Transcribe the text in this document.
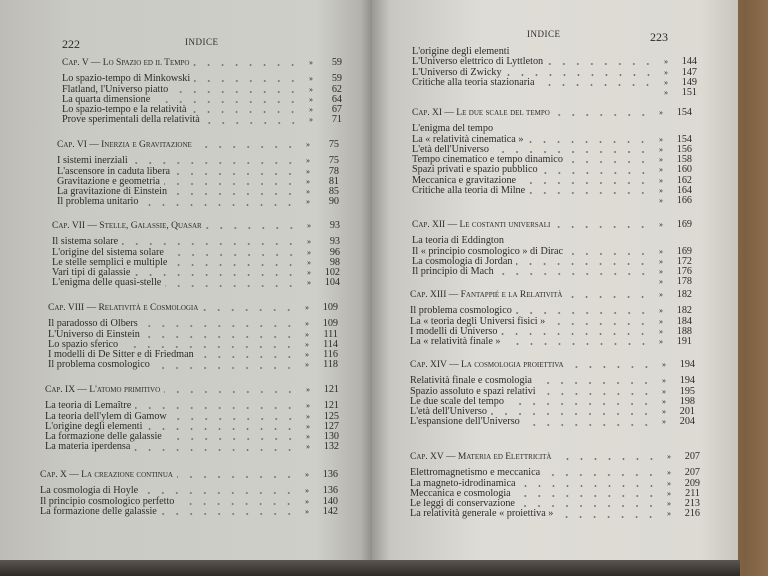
222	INDICE
Cap. V — Lo Spazio ed il Tempo	»	59
Lo spazio-tempo di Minkowski	»	59
Flatland, l'Universo piatto	»	62
La quarta dimensione	»	64
Lo spazio-tempo e la relatività	»	67
Prove sperimentali della relatività	»	71
Cap. VI — Inerzia e Gravitazione	»	75
I sistemi inerziali	»	75
L'ascensore in caduta libera	»	78
Gravitazione e geometria	»	81
La gravitazione di Einstein	»	85
Il problema unitario	»	90
Cap. VII — Stelle, Galassie, Quasar	»	93
Il sistema solare	»	93
L'origine del sistema solare	»	96
Le stelle semplici e multiple	»	98
Vari tipi di galassie	»	102
L'enigma delle quasi-stelle	»	104
Cap. VIII — Relatività e Cosmologia	»	109
Il paradosso di Olbers	»	109
L'Universo di Einstein	»	111
Lo spazio sferico	»	114
I modelli di De Sitter e di Friedman	»	116
Il problema cosmologico	»	118
Cap. IX — L'atomo primitivo	»	121
La teoria di Lemaître	»	121
La teoria dell'ylem di Gamow	»	125
L'origine degli elementi	»	127
La formazione delle galassie	»	130
La materia iperdensa	»	132
Cap. X — La creazione continua	»	136
La cosmologia di Hoyle	»	136
Il principio cosmologico perfetto	»	140
La formazione delle galassie	»	142
INDICE	223
L'origine degli elementi
L'Universo elettrico di Lyttleton	»	144
L'Universo di Zwicky	»	147
Critiche alla teoria stazionaria	»	149
»	151
Cap. XI — Le due scale del tempo	»	154
L'enigma del tempo
La « relatività cinematica »	»	154
L'età dell'Universo	»	156
Tempo cinematico e tempo dinamico	»	158
Spazi privati e spazio pubblico	»	160
Meccanica e gravitazione	»	162
Critiche alla teoria di Milne	»	164
»	166
Cap. XII — Le costanti universali	»	169
La teoria di Eddington
Il « principio cosmologico » di Dirac	»	169
La cosmologia di Jordan	»	172
Il principio di Mach	»	176
»	178
Cap. XIII — Fantappié e la Relatività	»	182
Il problema cosmologico	»	182
La « teoria degli Universi fisici »	»	184
I modelli di Universo	»	188
La « relatività finale »	»	191
Cap. XIV — La cosmologia proiettiva	»	194
Relatività finale e cosmologia	»	194
Spazio assoluto e spazi relativi	»	195
Le due scale del tempo	»	198
L'età dell'Universo	»	201
L'espansione dell'Universo	»	204
Cap. XV — Materia ed Elettricità	»	207
Elettromagnetismo e meccanica	»	207
La magneto-idrodinamica	»	209
Meccanica e cosmologia	»	211
Le leggi di conservazione	»	213
La relatività generale « proiettiva »	»	216
